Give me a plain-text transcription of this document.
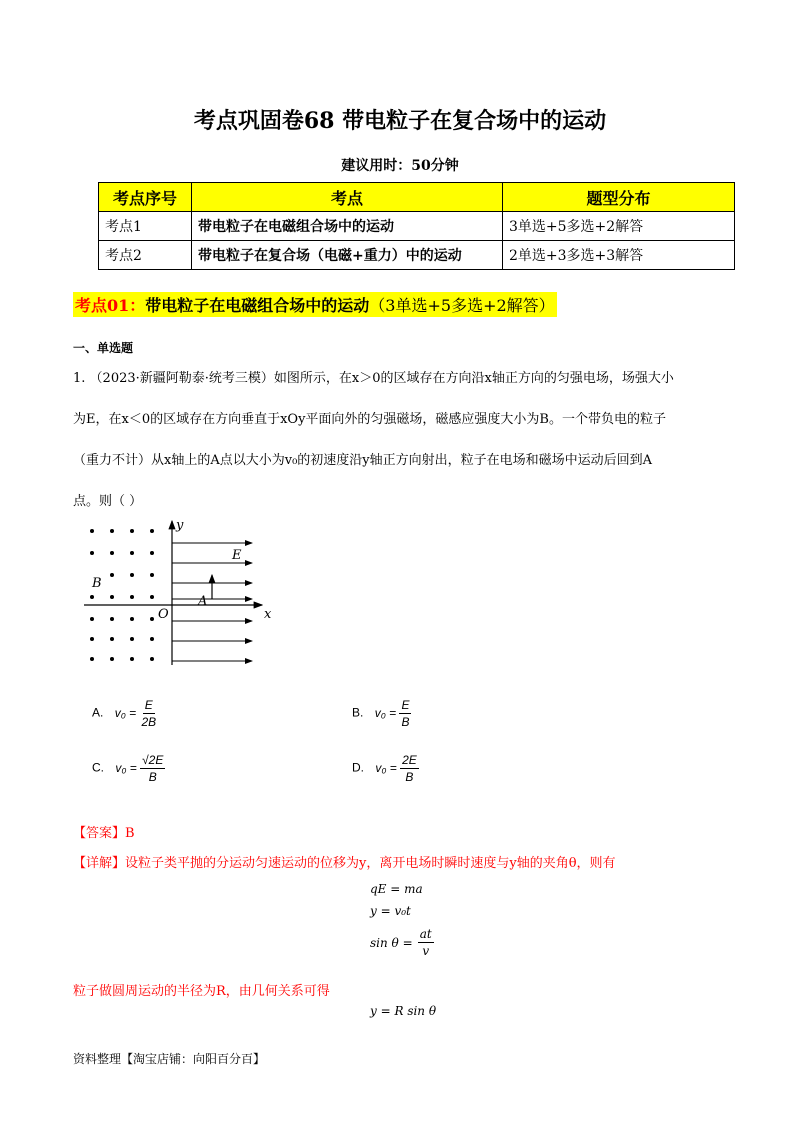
考点巩固卷68 带电粒子在复合场中的运动
建议用时：50分钟
考点序号	考点	题型分布
考点1	带电粒子在电磁组合场中的运动	3单选+5多选+2解答
考点2	带电粒子在复合场（电磁+重力）中的运动	2单选+3多选+3解答
考点01：带电粒子在电磁组合场中的运动（3单选+5多选+2解答）
一、单选题
1. （2023·新疆阿勒泰·统考三模）如图所示，在x＞0的区域存在方向沿x轴正方向的匀强电场，场强大小
为E，在x＜0的区域存在方向垂直于xOy平面向外的匀强磁场，磁感应强度大小为B。一个带负电的粒子
（重力不计）从x轴上的A点以大小为v₀的初速度沿y轴正方向射出，粒子在电场和磁场中运动后回到A
点。则（ ）
y
x
E
B
A
O
A. $v_0 = \frac{E}{2B}$	B. $v_0 = \frac{E}{B}$
C. $v_0 = \frac{√2E}{B}$	D. $v_0 = \frac{2E}{B}$
【答案】B
【详解】设粒子类平抛的分运动匀速运动的位移为y，离开电场时瞬时速度与y轴的夹角θ，则有
qE = ma
y = v₀t
$\sin \theta = \frac{at}{v}$
粒子做圆周运动的半径为R，由几何关系可得
y = R sin θ
资料整理【淘宝店铺：向阳百分百】
